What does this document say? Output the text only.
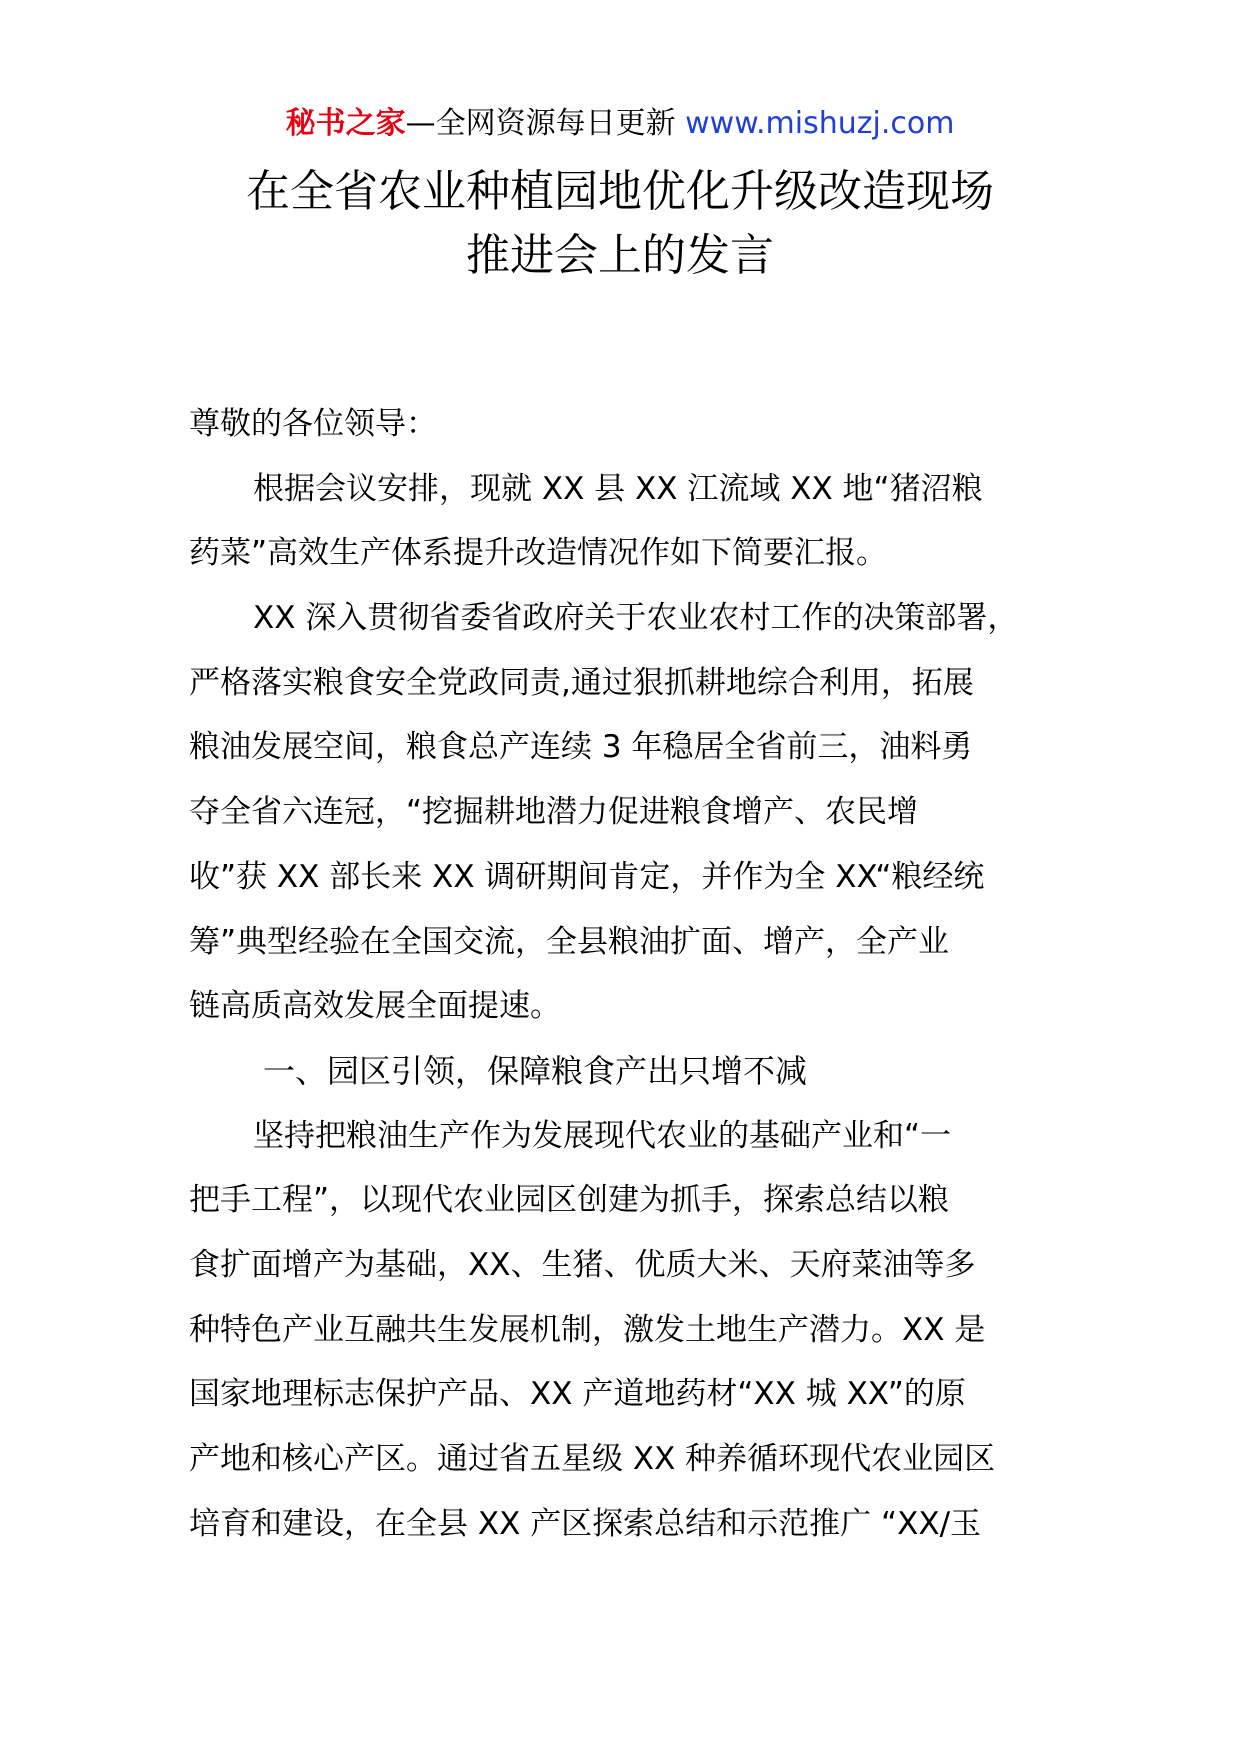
秘书之家—全网资源每日更新 www.mishuzj.com
在全省农业种植园地优化升级改造现场
推进会上的发言
尊敬的各位领导：
根据会议安排，现就 XX 县 XX 江流域 XX 地“猪沼粮
药菜”高效生产体系提升改造情况作如下简要汇报。
XX 深入贯彻省委省政府关于农业农村工作的决策部署，
严格落实粮食安全党政同责,通过狠抓耕地综合利用，拓展
粮油发展空间，粮食总产连续 3 年稳居全省前三，油料勇
夺全省六连冠，“挖掘耕地潜力促进粮食增产、农民增
收”获 XX 部长来 XX 调研期间肯定，并作为全 XX“粮经统
筹”典型经验在全国交流，全县粮油扩面、增产，全产业
链高质高效发展全面提速。
一、园区引领，保障粮食产出只增不减
坚持把粮油生产作为发展现代农业的基础产业和“一
把手工程”，以现代农业园区创建为抓手，探索总结以粮
食扩面增产为基础，XX、生猪、优质大米、天府菜油等多
种特色产业互融共生发展机制，激发土地生产潜力。XX 是
国家地理标志保护产品、XX 产道地药材“XX 城 XX”的原
产地和核心产区。通过省五星级 XX 种养循环现代农业园区
培育和建设，在全县 XX 产区探索总结和示范推广 “XX/玉
